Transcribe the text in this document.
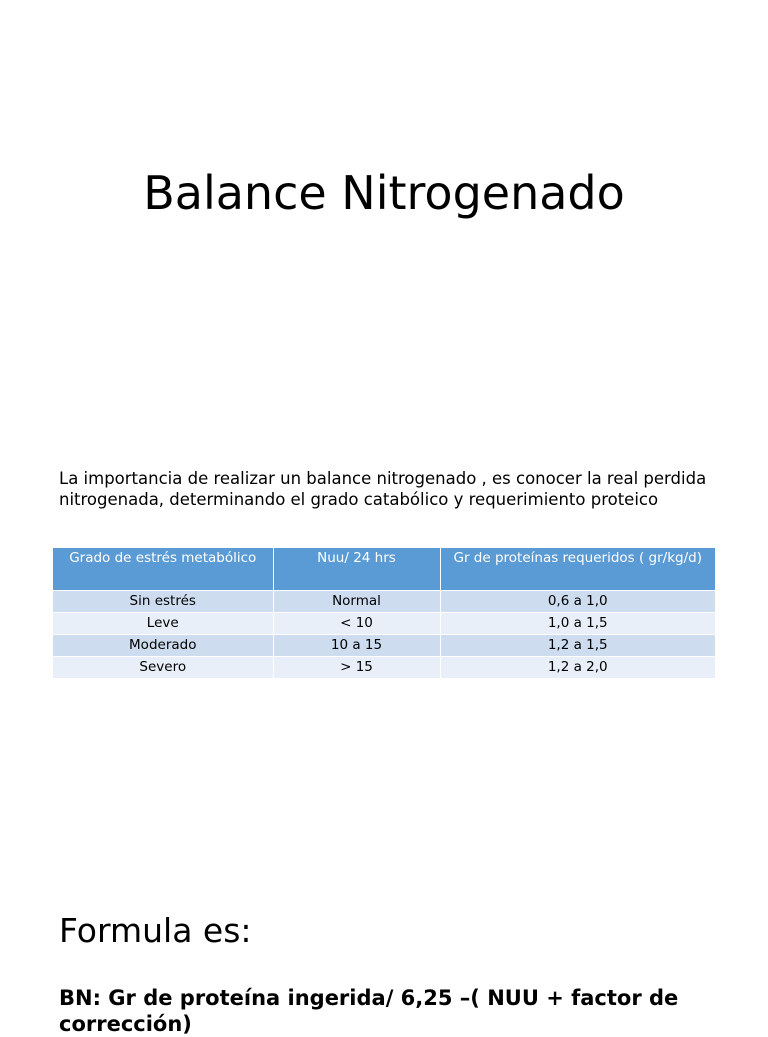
Balance Nitrogenado

La importancia de realizar un balance nitrogenado , es conocer la real perdida nitrogenada, determinando el grado catabólico y requerimiento proteico

Grado de estrés metabólico	Nuu/ 24 hrs	Gr de proteínas requeridos ( gr/kg/d)
Sin estrés	Normal	0,6 a 1,0
Leve	< 10	1,0 a 1,5
Moderado	10 a 15	1,2 a 1,5
Severo	> 15	1,2 a 2,0
Formula es:

BN: Gr de proteína ingerida/ 6,25 –( NUU + factor de corrección)
